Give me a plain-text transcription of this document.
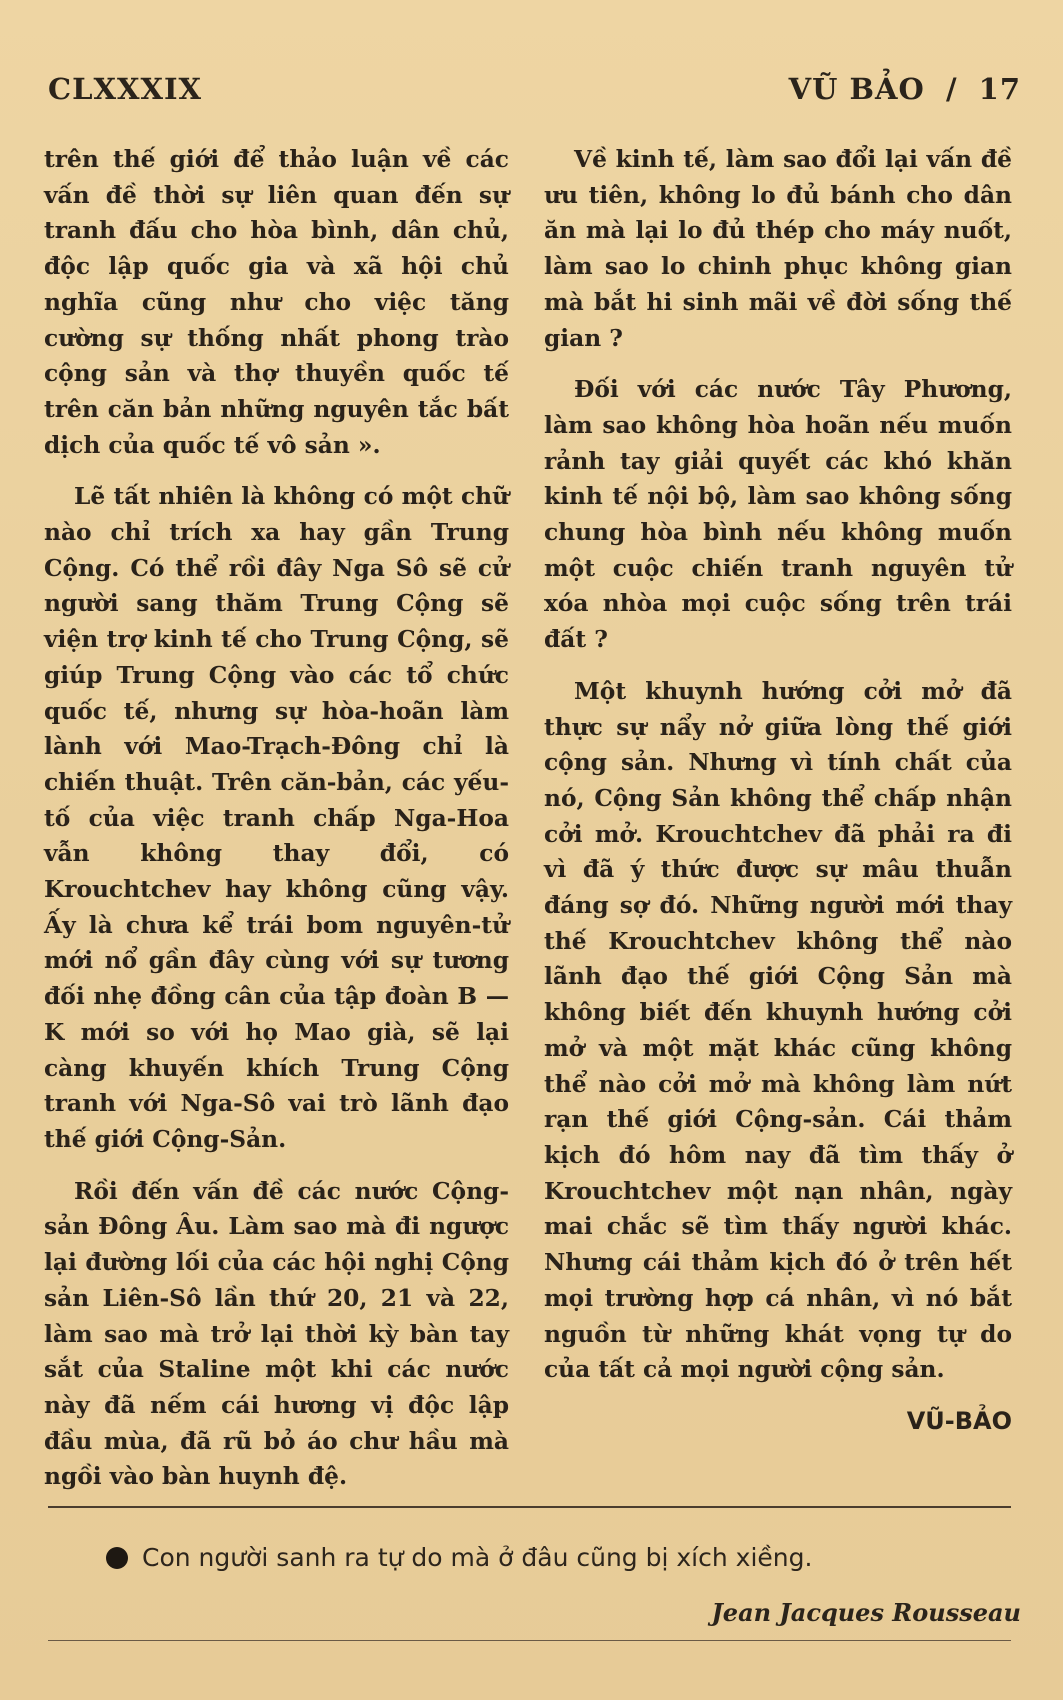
CLXXXIX	VŨ BẢO / 17

trên thế giới để thảo luận về các vấn đề thời sự liên quan đến sự tranh đấu cho hòa bình, dân chủ, độc lập quốc gia và xã hội chủ nghĩa cũng như cho việc tăng cường sự thống nhất phong trào cộng sản và thợ thuyền quốc tế trên căn bản những nguyên tắc bất dịch của quốc tế vô sản ».

Lẽ tất nhiên là không có một chữ nào chỉ trích xa hay gần Trung Cộng. Có thể rồi đây Nga Sô sẽ cử người sang thăm Trung Cộng sẽ viện trợ kinh tế cho Trung Cộng, sẽ giúp Trung Cộng vào các tổ chức quốc tế, nhưng sự hòa-hoãn làm lành với Mao-Trạch-Đông chỉ là chiến thuật. Trên căn-bản, các yếu-tố của việc tranh chấp Nga-Hoa vẫn không thay đổi, có Krouchtchev hay không cũng vậy. Ấy là chưa kể trái bom nguyên-tử mới nổ gần đây cùng với sự tương đối nhẹ đồng cân của tập đoàn B — K mới so với họ Mao già, sẽ lại càng khuyến khích Trung Cộng tranh với Nga-Sô vai trò lãnh đạo thế giới Cộng-Sản.

Rồi đến vấn đề các nước Cộng-sản Đông Âu. Làm sao mà đi ngược lại đường lối của các hội nghị Cộng sản Liên-Sô lần thứ 20, 21 và 22, làm sao mà trở lại thời kỳ bàn tay sắt của Staline một khi các nước này đã nếm cái hương vị độc lập đầu mùa, đã rũ bỏ áo chư hầu mà ngồi vào bàn huynh đệ.

Về kinh tế, làm sao đổi lại vấn đề ưu tiên, không lo đủ bánh cho dân ăn mà lại lo đủ thép cho máy nuốt, làm sao lo chinh phục không gian mà bắt hi sinh mãi về đời sống thế gian ?

Đối với các nước Tây Phương, làm sao không hòa hoãn nếu muốn rảnh tay giải quyết các khó khăn kinh tế nội bộ, làm sao không sống chung hòa bình nếu không muốn một cuộc chiến tranh nguyên tử xóa nhòa mọi cuộc sống trên trái đất ?

Một khuynh hướng cởi mở đã thực sự nẩy nở giữa lòng thế giới cộng sản. Nhưng vì tính chất của nó, Cộng Sản không thể chấp nhận cởi mở. Krouchtchev đã phải ra đi vì đã ý thức được sự mâu thuẫn đáng sợ đó. Những người mới thay thế Krouchtchev không thể nào lãnh đạo thế giới Cộng Sản mà không biết đến khuynh hướng cởi mở và một mặt khác cũng không thể nào cởi mở mà không làm nứt rạn thế giới Cộng-sản. Cái thảm kịch đó hôm nay đã tìm thấy ở Krouchtchev một nạn nhân, ngày mai chắc sẽ tìm thấy người khác. Nhưng cái thảm kịch đó ở trên hết mọi trường hợp cá nhân, vì nó bắt nguồn từ những khát vọng tự do của tất cả mọi người cộng sản.

VŨ-BẢO
Con người sanh ra tự do mà ở đâu cũng bị xích xiềng.
Jean Jacques Rousseau
